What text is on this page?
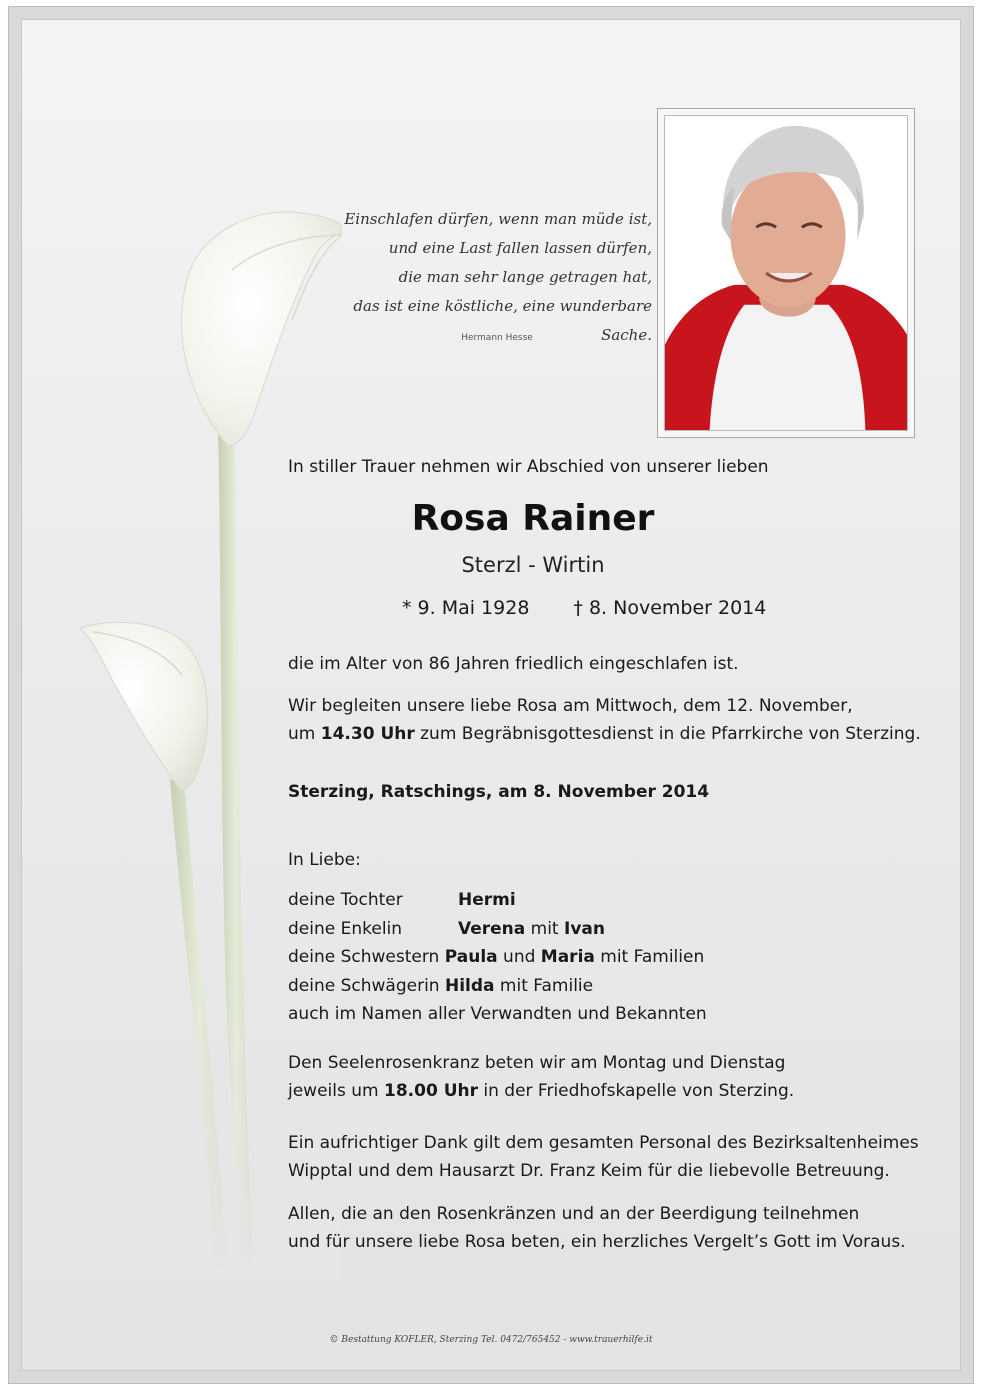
Einschlafen dürfen, wenn man müde ist,
und eine Last fallen lassen dürfen,
die man sehr lange getragen hat,
das ist eine köstliche, eine wunderbare Sache.
Hermann Hesse
In stiller Trauer nehmen wir Abschied von unserer lieben
Rosa Rainer
Sterzl - Wirtin
* 9. Mai 1928 † 8. November 2014
die im Alter von 86 Jahren friedlich eingeschlafen ist.
Wir begleiten unsere liebe Rosa am Mittwoch, dem 12. November,
um 14.30 Uhr zum Begräbnisgottesdienst in die Pfarrkirche von Sterzing.
Sterzing, Ratschings, am 8. November 2014
In Liebe:
deine Tochter	Hermi
deine Enkelin	Verena mit Ivan
deine Schwestern Paula und Maria mit Familien
deine Schwägerin Hilda mit Familie
auch im Namen aller Verwandten und Bekannten
Den Seelenrosenkranz beten wir am Montag und Dienstag
jeweils um 18.00 Uhr in der Friedhofskapelle von Sterzing.
Ein aufrichtiger Dank gilt dem gesamten Personal des Bezirksaltenheimes
Wipptal und dem Hausarzt Dr. Franz Keim für die liebevolle Betreuung.
Allen, die an den Rosenkränzen und an der Beerdigung teilnehmen
und für unsere liebe Rosa beten, ein herzliches Vergelt’s Gott im Voraus.
© Bestattung KOFLER, Sterzing Tel. 0472/765452 - www.trauerhilfe.it
